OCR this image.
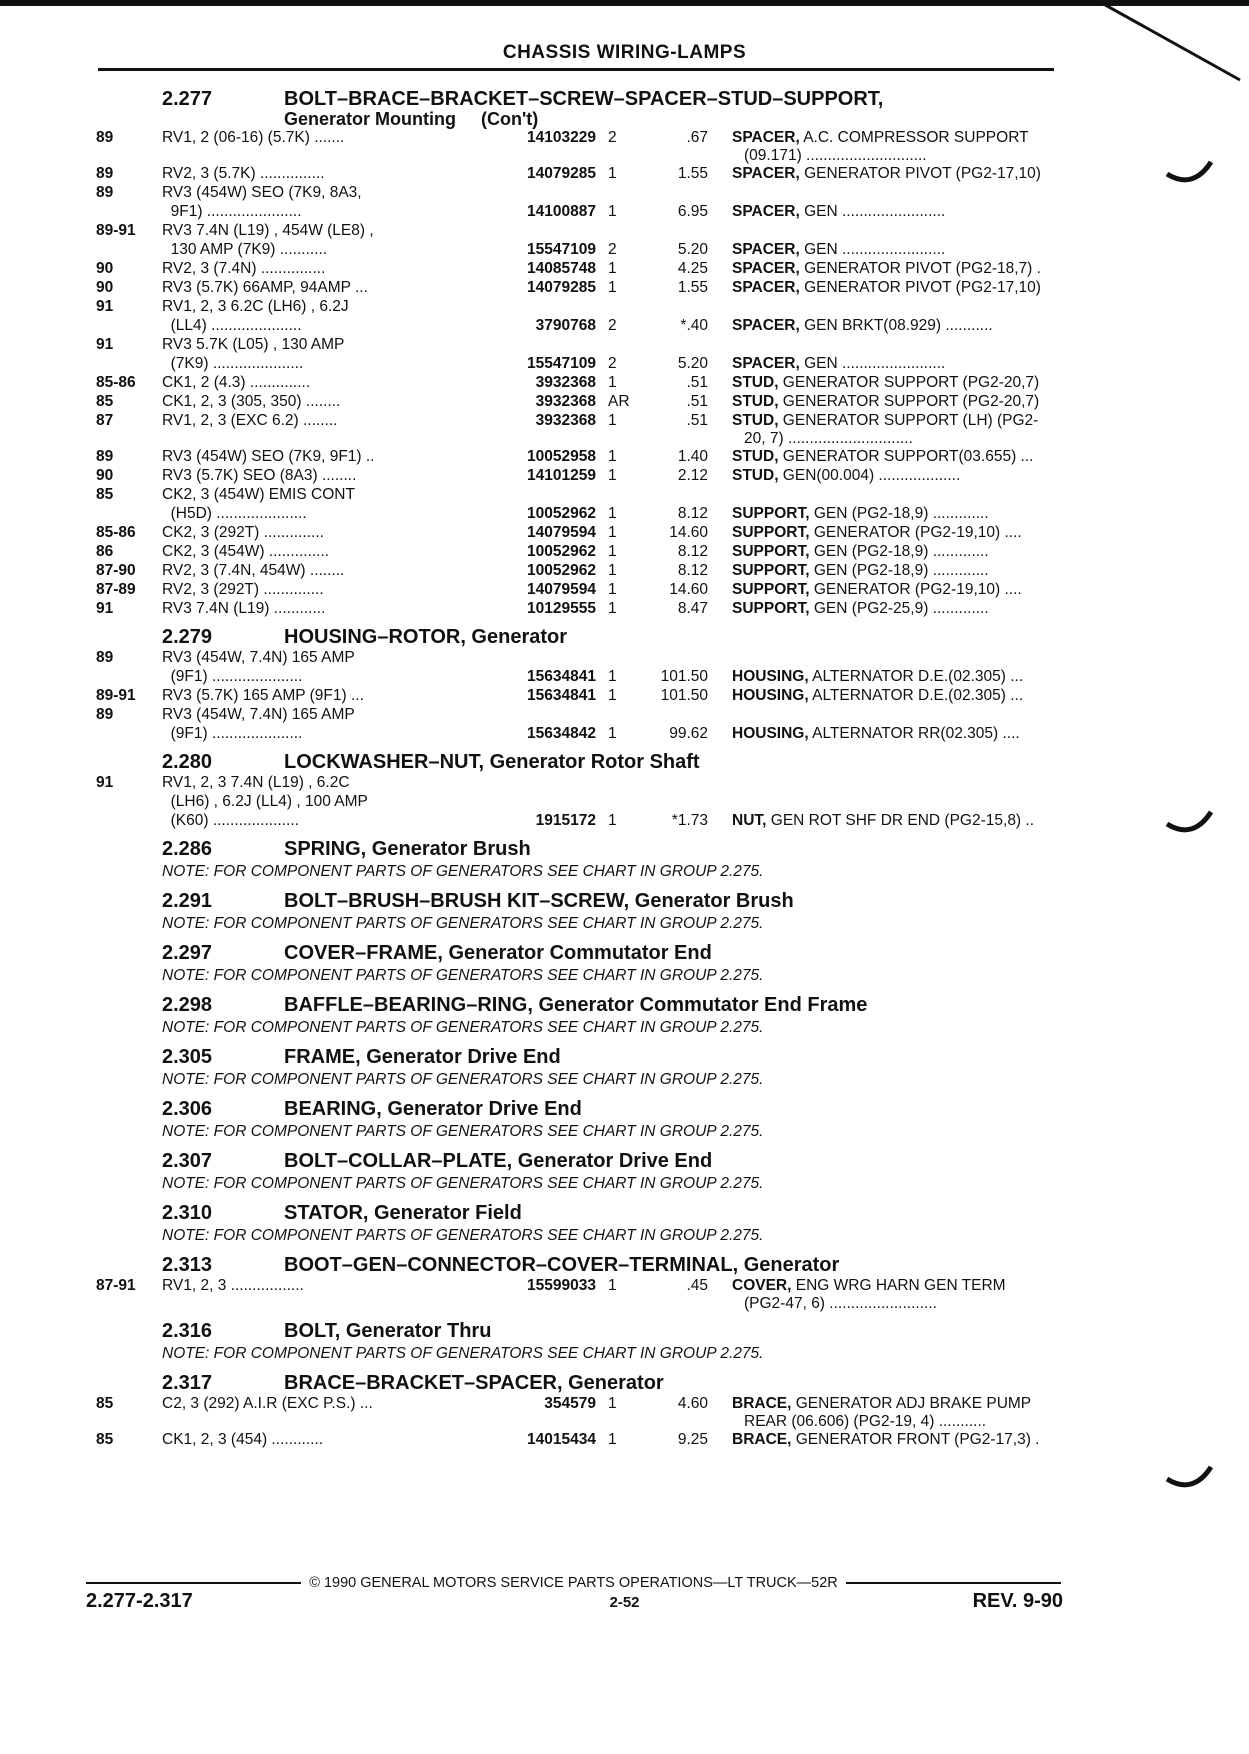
CHASSIS WIRING-LAMPS
2.277	BOLT–BRACE–BRACKET–SCREW–SPACER–STUD–SUPPORT,
Generator Mounting     (Con't)
89	RV1, 2 (06-16) (5.7K) .......	14103229 2	.67	SPACER, A.C. COMPRESSOR SUPPORT
(09.171) ............................
89	RV2, 3 (5.7K) ...............	14079285 1	1.55	SPACER, GENERATOR PIVOT (PG2-17,10)
89	RV3 (454W) SEO (7K9, 8A3,
9F1) ......................	14100887 1	6.95	SPACER, GEN ........................
89-91	RV3 7.4N (L19) , 454W (LE8) ,
130 AMP (7K9) ...........	15547109 2	5.20	SPACER, GEN ........................
90	RV2, 3 (7.4N) ...............	14085748 1	4.25	SPACER, GENERATOR PIVOT (PG2-18,7) .
90	RV3 (5.7K) 66AMP, 94AMP ...	14079285 1	1.55	SPACER, GENERATOR PIVOT (PG2-17,10)
91	RV1, 2, 3 6.2C (LH6) , 6.2J
(LL4) .....................	3790768 2	*.40	SPACER, GEN BRKT(08.929) ...........
91	RV3 5.7K (L05) , 130 AMP
(7K9) .....................	15547109 2	5.20	SPACER, GEN ........................
85-86	CK1, 2 (4.3) ..............	3932368 1	.51	STUD, GENERATOR SUPPORT (PG2-20,7)
85	CK1, 2, 3 (305, 350) ........	3932368 AR	.51	STUD, GENERATOR SUPPORT (PG2-20,7)
87	RV1, 2, 3 (EXC 6.2) ........	3932368 1	.51	STUD, GENERATOR SUPPORT (LH) (PG2-
20, 7) .............................
89	RV3 (454W) SEO (7K9, 9F1) ..	10052958 1	1.40	STUD, GENERATOR SUPPORT(03.655) ...
90	RV3 (5.7K) SEO (8A3) ........	14101259 1	2.12	STUD, GEN(00.004) ...................
85	CK2, 3 (454W) EMIS CONT
(H5D) .....................	10052962 1	8.12	SUPPORT, GEN (PG2-18,9) .............
85-86	CK2, 3 (292T) ..............	14079594 1	14.60	SUPPORT, GENERATOR (PG2-19,10) ....
86	CK2, 3 (454W) ..............	10052962 1	8.12	SUPPORT, GEN (PG2-18,9) .............
87-90	RV2, 3 (7.4N, 454W) ........	10052962 1	8.12	SUPPORT, GEN (PG2-18,9) .............
87-89	RV2, 3 (292T) ..............	14079594 1	14.60	SUPPORT, GENERATOR (PG2-19,10) ....
91	RV3 7.4N (L19) ............	10129555 1	8.47	SUPPORT, GEN (PG2-25,9) .............
2.279	HOUSING–ROTOR, Generator
89	RV3 (454W, 7.4N) 165 AMP
(9F1) .....................	15634841 1	101.50	HOUSING, ALTERNATOR D.E.(02.305) ...
89-91	RV3 (5.7K) 165 AMP (9F1) ...	15634841 1	101.50	HOUSING, ALTERNATOR D.E.(02.305) ...
89	RV3 (454W, 7.4N) 165 AMP
(9F1) .....................	15634842 1	99.62	HOUSING, ALTERNATOR RR(02.305) ....
2.280	LOCKWASHER–NUT, Generator Rotor Shaft
91	RV1, 2, 3 7.4N (L19) , 6.2C
(LH6) , 6.2J (LL4) , 100 AMP
(K60) ....................	1915172 1	*1.73	NUT, GEN ROT SHF DR END (PG2-15,8) ..
2.286	SPRING, Generator Brush
NOTE: FOR COMPONENT PARTS OF GENERATORS SEE CHART IN GROUP 2.275.
2.291	BOLT–BRUSH–BRUSH KIT–SCREW, Generator Brush
NOTE: FOR COMPONENT PARTS OF GENERATORS SEE CHART IN GROUP 2.275.
2.297	COVER–FRAME, Generator Commutator End
NOTE: FOR COMPONENT PARTS OF GENERATORS SEE CHART IN GROUP 2.275.
2.298	BAFFLE–BEARING–RING, Generator Commutator End Frame
NOTE: FOR COMPONENT PARTS OF GENERATORS SEE CHART IN GROUP 2.275.
2.305	FRAME, Generator Drive End
NOTE: FOR COMPONENT PARTS OF GENERATORS SEE CHART IN GROUP 2.275.
2.306	BEARING, Generator Drive End
NOTE: FOR COMPONENT PARTS OF GENERATORS SEE CHART IN GROUP 2.275.
2.307	BOLT–COLLAR–PLATE, Generator Drive End
NOTE: FOR COMPONENT PARTS OF GENERATORS SEE CHART IN GROUP 2.275.
2.310	STATOR, Generator Field
NOTE: FOR COMPONENT PARTS OF GENERATORS SEE CHART IN GROUP 2.275.
2.313	BOOT–GEN–CONNECTOR–COVER–TERMINAL, Generator
87-91	RV1, 2, 3 .................	15599033 1	.45	COVER, ENG WRG HARN GEN TERM
(PG2-47, 6) .........................
2.316	BOLT, Generator Thru
NOTE: FOR COMPONENT PARTS OF GENERATORS SEE CHART IN GROUP 2.275.
2.317	BRACE–BRACKET–SPACER, Generator
85	C2, 3 (292) A.I.R (EXC P.S.) ...	354579 1	4.60	BRACE, GENERATOR ADJ BRAKE PUMP
REAR (06.606) (PG2-19, 4) ...........
85	CK1, 2, 3 (454) ............	14015434 1	9.25	BRACE, GENERATOR FRONT (PG2-17,3) .
© 1990 GENERAL MOTORS SERVICE PARTS OPERATIONS—LT TRUCK—52R
2.277-2.317	2-52	REV. 9-90
